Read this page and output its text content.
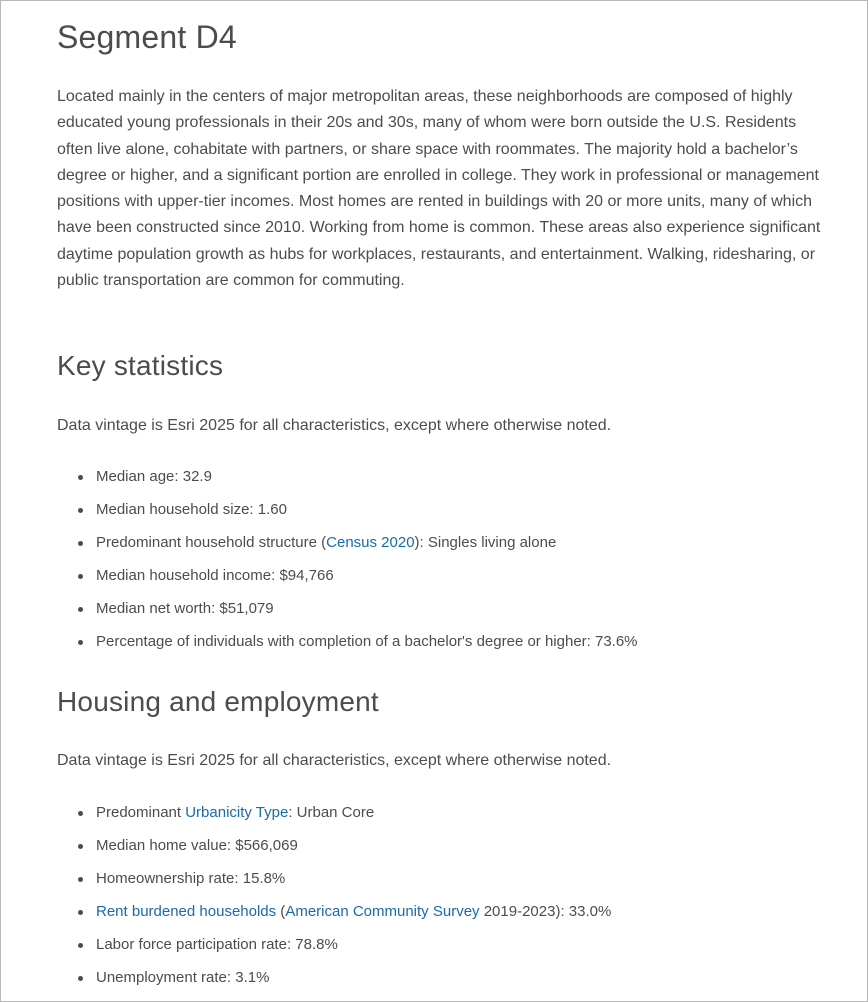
Segment D4

Located mainly in the centers of major metropolitan areas, these neighborhoods are composed of highly educated young professionals in their 20s and 30s, many of whom were born outside the U.S. Residents often live alone, cohabitate with partners, or share space with roommates. The majority hold a bachelor’s degree or higher, and a significant portion are enrolled in college. They work in professional or management positions with upper-tier incomes. Most homes are rented in buildings with 20 or more units, many of which have been constructed since 2010. Working from home is common. These areas also experience significant daytime population growth as hubs for workplaces, restaurants, and entertainment. Walking, ridesharing, or public transportation are common for commuting.

Key statistics

Data vintage is Esri 2025 for all characteristics, except where otherwise noted.

Median age: 32.9
Median household size: 1.60
Predominant household structure (Census 2020): Singles living alone
Median household income: $94,766
Median net worth: $51,079
Percentage of individuals with completion of a bachelor's degree or higher: 73.6%
Housing and employment

Data vintage is Esri 2025 for all characteristics, except where otherwise noted.

Predominant Urbanicity Type: Urban Core
Median home value: $566,069
Homeownership rate: 15.8%
Rent burdened households (American Community Survey 2019-2023): 33.0%
Labor force participation rate: 78.8%
Unemployment rate: 3.1%
